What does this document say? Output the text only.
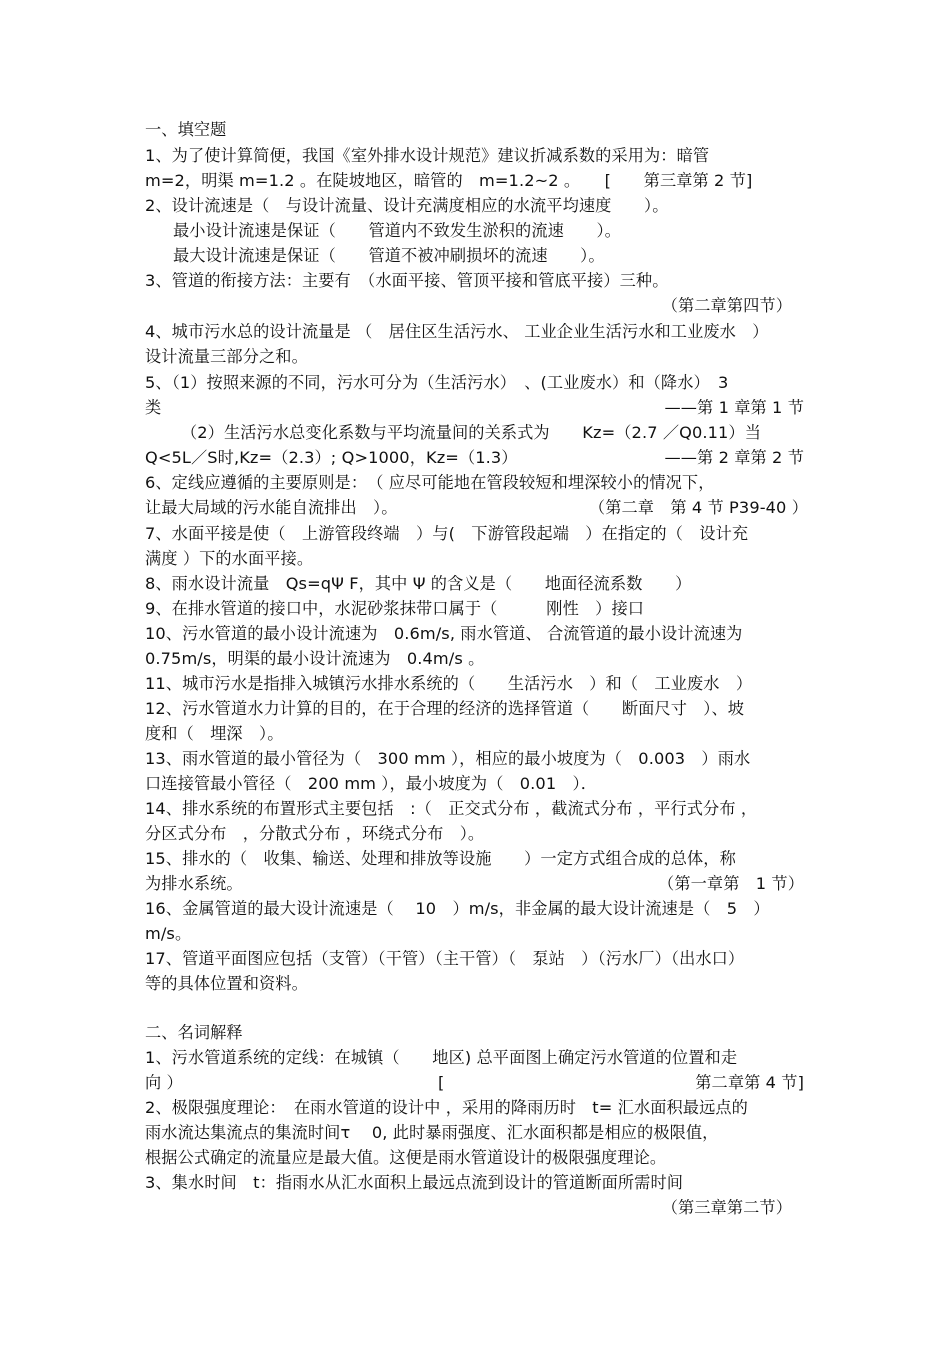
一、填空题
1、为了使计算简便，我国《室外排水设计规范》建议折减系数的采用为：暗管
m=2，明渠 m=1.2 。在陡坡地区，暗管的　m=1.2~2 。　　[　　第三章第 2 节]
2、设计流速是（　与设计流量、设计充满度相应的水流平均速度　　）。
最小设计流速是保证（　　管道内不致发生淤积的流速　　）。
最大设计流速是保证（　　管道不被冲刷损坏的流速　　）。
3、管道的衔接方法：主要有　（水面平接、管顶平接和管底平接）三种。
（第二章第四节）
4、城市污水总的设计流量是 （　居住区生活污水、 工业企业生活污水和工业废水　）
设计流量三部分之和。
5、（1）按照来源的不同，污水可分为（生活污水）　、(工业废水）和（降水）　3
类	——第 1 章第 1 节
（2）生活污水总变化系数与平均流量间的关系式为　　Kz=（2.7 ／Q0.11）当
Q<5L／S时,Kz=（2.3）; Q>1000，Kz=（1.3）	——第 2 章第 2 节
6、定线应遵循的主要原则是：　（ 应尽可能地在管段较短和埋深较小的情况下，
让最大局域的污水能自流排出　）。	（第二章　第 4 节 P39-40 ）
7、水面平接是使（　上游管段终端　）与(　下游管段起端　）在指定的（　设计充
满度 ）下的水面平接。
8、雨水设计流量　Qs=qΨ F，其中 Ψ 的含义是（　　地面径流系数　　）
9、在排水管道的接口中，水泥砂浆抹带口属于（　　　刚性　）接口
10、污水管道的最小设计流速为　0.6m/s, 雨水管道、 合流管道的最小设计流速为
0.75m/s，明渠的最小设计流速为　0.4m/s 。
11、城市污水是指排入城镇污水排水系统的（　　生活污水　）和（　工业废水　）
12、污水管道水力计算的目的，在于合理的经济的选择管道（　　断面尺寸　）、坡
度和（　埋深　）。
13、雨水管道的最小管径为（　300 mm ），相应的最小坡度为（　0.003　）雨水
口连接管最小管径（　200 mm ），最小坡度为（　0.01　）．
14、排水系统的布置形式主要包括　:（　正交式分布 ，截流式分布 ，平行式分布 ，
分区式分布　，分散式分布 ，环绕式分布　）。
15、排水的（　收集、输送、处理和排放等设施　　）一定方式组合成的总体，称
为排水系统。	（第一章第　1 节）
16、金属管道的最大设计流速是（　 10　）m/s，非金属的最大设计流速是（　5　）
m/s。
17、管道平面图应包括（支管）（干管）（主干管）（　泵站　）（污水厂）（出水口）
等的具体位置和资料。
二、名词解释
1、污水管道系统的定线：在城镇（　　地区) 总平面图上确定污水管道的位置和走
向 ）	[	第二章第 4 节]
2、极限强度理论：　在雨水管道的设计中 ，采用的降雨历时　t= 汇水面积最远点的
雨水流达集流点的集流时间τ　 0, 此时暴雨强度、汇水面积都是相应的极限值，
根据公式确定的流量应是最大值。这便是雨水管道设计的极限强度理论。
3、集水时间　t：指雨水从汇水面积上最远点流到设计的管道断面所需时间
（第三章第二节）
